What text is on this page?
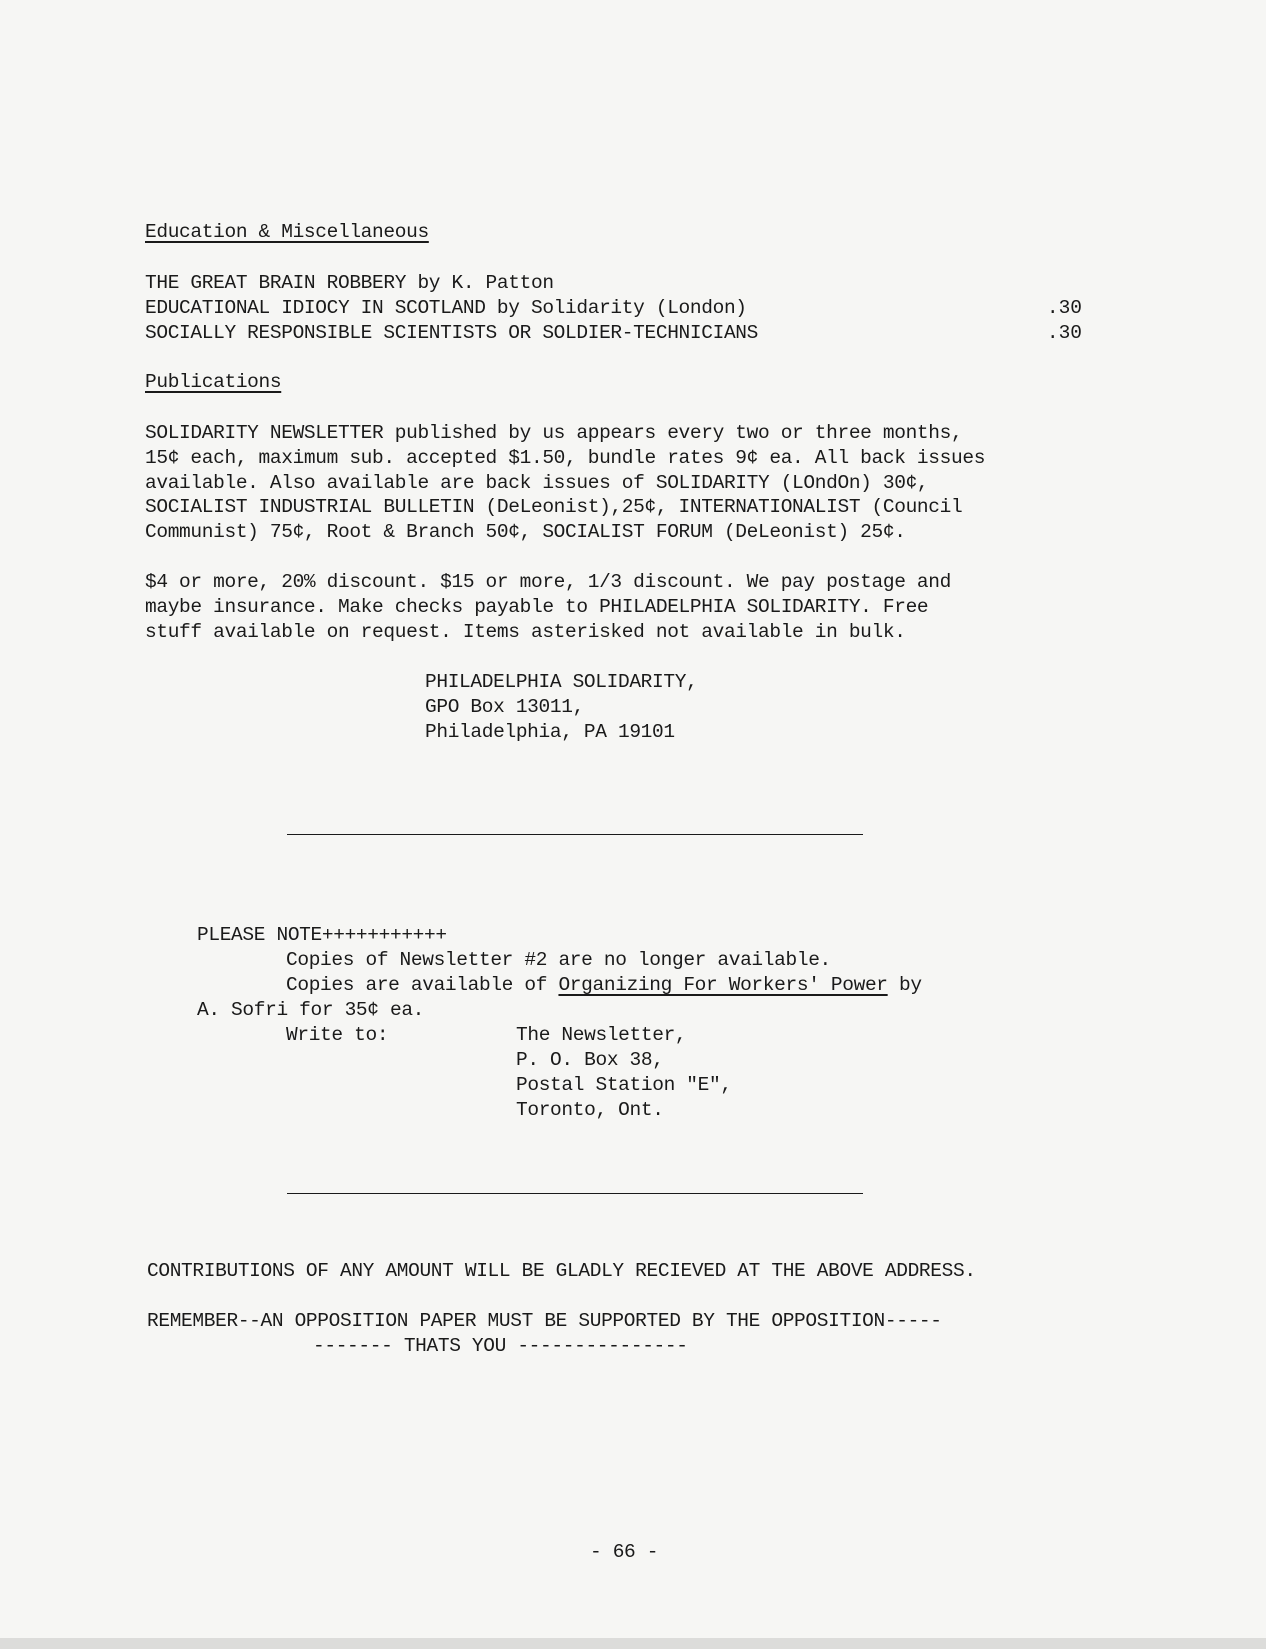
Education & Miscellaneous

THE GREAT BRAIN ROBBERY by K. Patton

EDUCATIONAL IDIOCY IN SCOTLAND by Solidarity (London)	.30

SOCIALLY RESPONSIBLE SCIENTISTS OR SOLDIER-TECHNICIANS	.30

Publications

SOLIDARITY NEWSLETTER published by us appears every two or three months,

15¢ each, maximum sub. accepted $1.50, bundle rates 9¢ ea. All back issues

available. Also available are back issues of SOLIDARITY (LOndOn) 30¢,

SOCIALIST INDUSTRIAL BULLETIN (DeLeonist),25¢, INTERNATIONALIST (Council

Communist) 75¢, Root & Branch 50¢, SOCIALIST FORUM (DeLeonist) 25¢.

$4 or more, 20% discount. $15 or more, 1/3 discount. We pay postage and

maybe insurance. Make checks payable to PHILADELPHIA SOLIDARITY. Free

stuff available on request. Items asterisked not available in bulk.

PHILADELPHIA SOLIDARITY,

GPO Box 13011,

Philadelphia, PA 19101

PLEASE NOTE+++++++++++

Copies of Newsletter #2 are no longer available.

Copies are available of Organizing For Workers' Power by

A. Sofri for 35¢ ea.

Write to:	The Newsletter,

P. O. Box 38,

Postal Station "E",

Toronto, Ont.

CONTRIBUTIONS OF ANY AMOUNT WILL BE GLADLY RECIEVED AT THE ABOVE ADDRESS.

REMEMBER--AN OPPOSITION PAPER MUST BE SUPPORTED BY THE OPPOSITION-----

------- THATS YOU ---------------

- 66 -
